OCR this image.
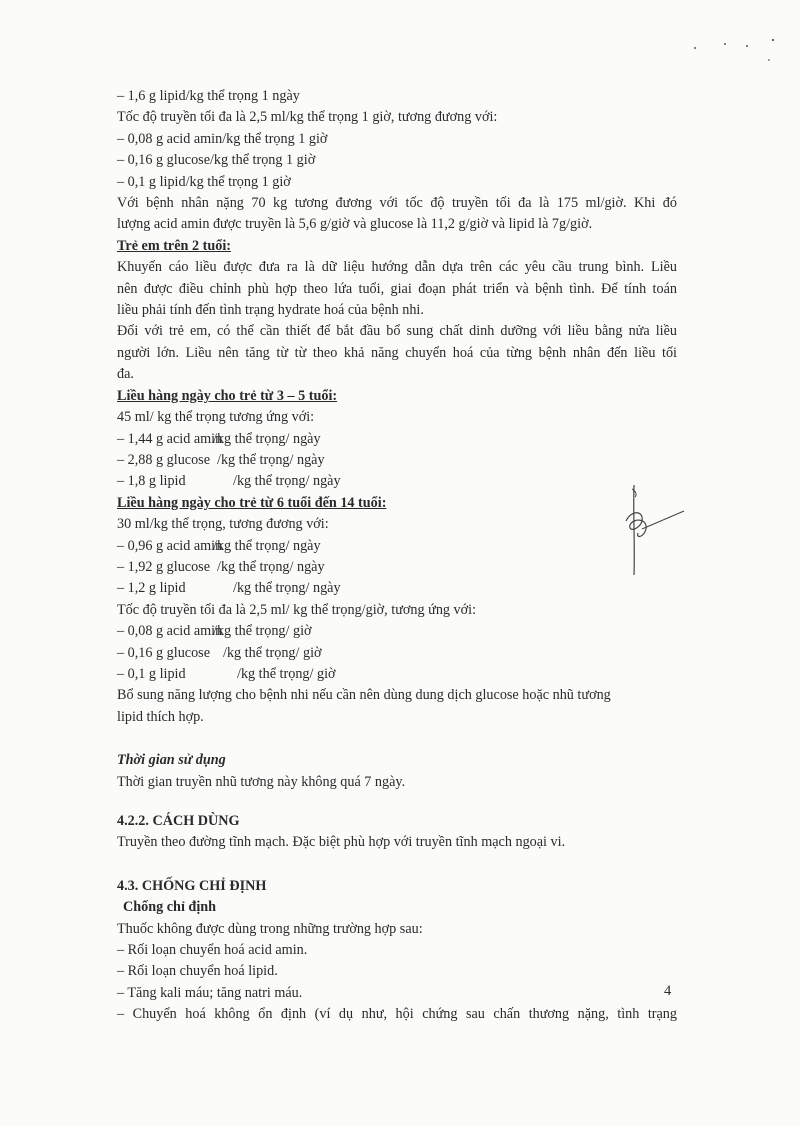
– 1,6 g lipid/kg thể trọng 1 ngày
Tốc độ truyền tối đa là 2,5 ml/kg thể trọng 1 giờ, tương đương với:
– 0,08 g acid amin/kg thể trọng 1 giờ
– 0,16 g glucose/kg thể trọng 1 giờ
– 0,1 g lipid/kg thể trọng 1 giờ
Với bệnh nhân nặng 70 kg tương đương với tốc độ truyền tối đa là 175 ml/giờ. Khi đó
lượng acid amin được truyền là 5,6 g/giờ và glucose là 11,2 g/giờ và lipid là 7g/giờ.
Trẻ em trên 2 tuổi:
Khuyến cáo liều được đưa ra là dữ liệu hướng dẫn dựa trên các yêu cầu trung bình. Liều
nên được điều chỉnh phù hợp theo lứa tuổi, giai đoạn phát triển và bệnh tình. Để tính toán
liều phải tính đến tình trạng hydrate hoá của bệnh nhi.
Đối với trẻ em, có thể cần thiết để bắt đầu bổ sung chất dinh dưỡng với liều bằng nửa liều
người lớn. Liều nên tăng từ từ theo khả năng chuyển hoá của từng bệnh nhân đến liều tối
đa.
Liều hàng ngày cho trẻ từ 3 – 5 tuổi:
45 ml/ kg thể trọng tương ứng với:
– 1,44 g acid amin/kg thể trọng/ ngày
– 2,88 g glucose /kg thể trọng/ ngày
– 1,8 g lipid	/kg thể trọng/ ngày
Liều hàng ngày cho trẻ từ 6 tuổi đến 14 tuổi:
30 ml/kg thể trọng, tương đương với:
– 0,96 g acid amin/kg thể trọng/ ngày
– 1,92 g glucose /kg thể trọng/ ngày
– 1,2 g lipid	/kg thể trọng/ ngày
Tốc độ truyền tối đa là 2,5 ml/ kg thể trọng/giờ, tương ứng với:
– 0,08 g acid amin/kg thể trọng/ giờ
– 0,16 g glucose /kg thể trọng/ giờ
– 0,1 g lipid	/kg thể trọng/ giờ
Bổ sung năng lượng cho bệnh nhi nếu cần nên dùng dung dịch glucose hoặc nhũ tương
lipid thích hợp.
Thời gian sử dụng
Thời gian truyền nhũ tương này không quá 7 ngày.
4.2.2. CÁCH DÙNG
Truyền theo đường tĩnh mạch. Đặc biệt phù hợp với truyền tĩnh mạch ngoại vi.
4.3. CHỐNG CHỈ ĐỊNH
Chống chỉ định
Thuốc không được dùng trong những trường hợp sau:
– Rối loạn chuyển hoá acid amin.
– Rối loạn chuyển hoá lipid.
– Tăng kali máu; tăng natri máu.
– Chuyển hoá không ổn định (ví dụ như, hội chứng sau chấn thương nặng, tình trạng
4
